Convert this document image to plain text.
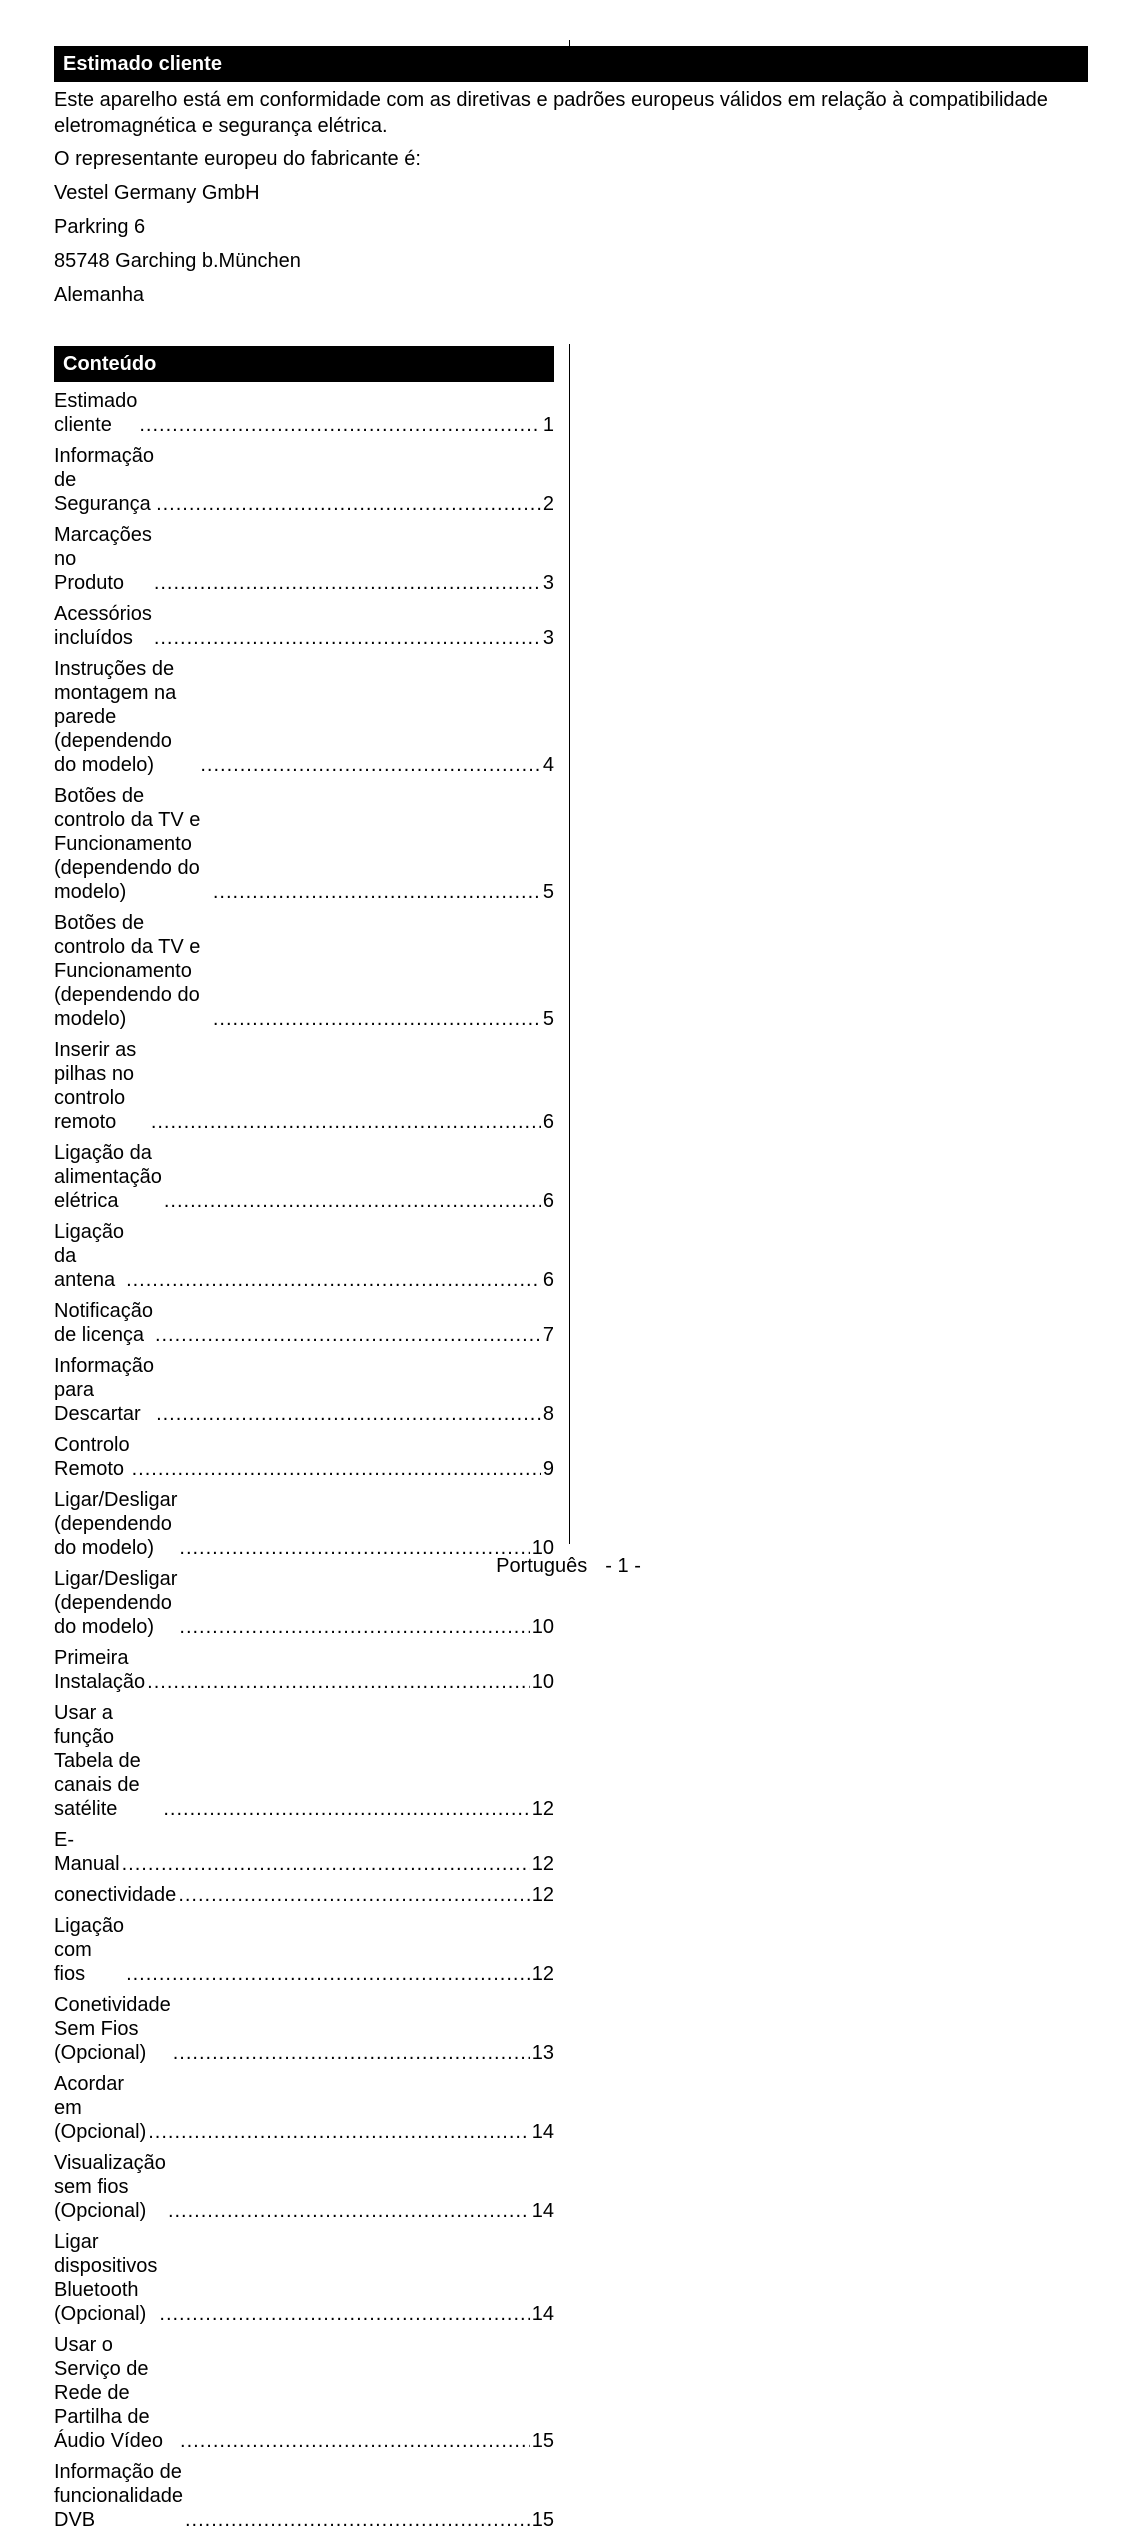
Estimado cliente

Este aparelho está em conformidade com as diretivas e padrões europeus válidos em relação à compatibilidade eletromagnética e segurança elétrica.

O representante europeu do fabricante é:
Vestel Germany GmbH
Parkring 6
85748 Garching b.München
Alemanha
Conteúdo
Estimado cliente .....	1
Informação de Segurança .....	2
Marcações no Produto .....	3
Acessórios incluídos .....	3
Instruções de montagem na parede (dependendo do modelo) .....	4
Botões de controlo da TV e Funcionamento (dependendo do modelo) .....	5
Botões de controlo da TV e Funcionamento (dependendo do modelo) .....	5
Inserir as pilhas no controlo remoto .....	6
Ligação da alimentação elétrica .....	6
Ligação da antena .....	6
Notificação de licença .....	7
Informação para Descartar .....	8
Controlo Remoto .....	9
Ligar/Desligar (dependendo do modelo) .....	10
Ligar/Desligar (dependendo do modelo) .....	10
Primeira Instalação .....	10
Usar a função Tabela de canais de satélite .....	12
E-Manual .....	12
conectividade .....	12
Ligação com fios .....	12
Conetividade Sem Fios (Opcional) .....	13
Acordar em (Opcional) .....	14
Visualização sem fios (Opcional) .....	14
Ligar dispositivos Bluetooth (Opcional) .....	14
Usar o Serviço de Rede de Partilha de Áudio Vídeo .....	15
Informação de funcionalidade DVB .....	15
Português - 1 -
